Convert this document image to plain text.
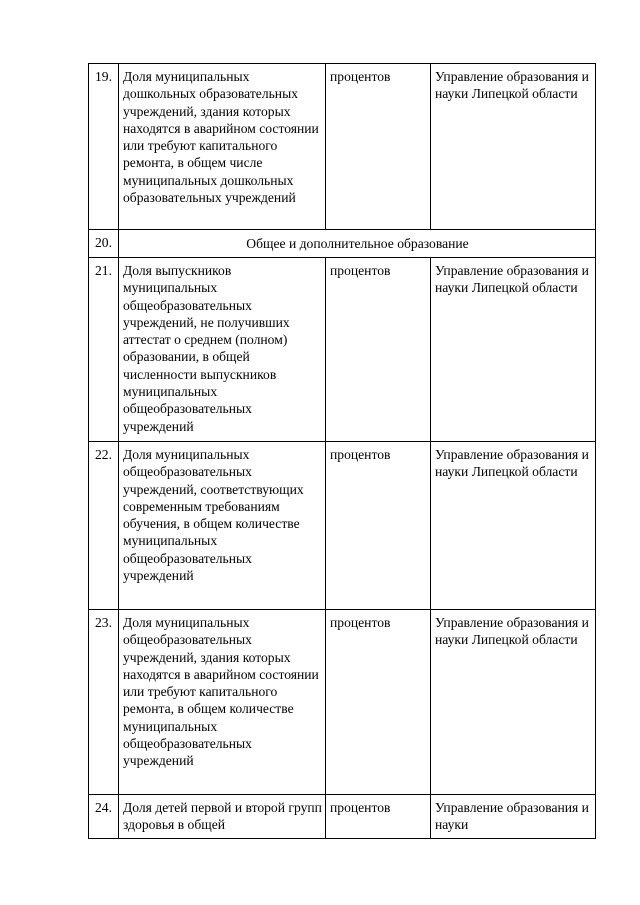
19.	Доля муниципальных дошкольных образовательных учреждений, здания которых находятся в аварийном состоянии или требуют капитального ремонта, в общем числе муниципальных дошкольных образовательных учреждений	процентов	Управление образования и науки Липецкой области
20.	Общее и дополнительное образование		
21.	Доля выпускников муниципальных общеобразовательных учреждений, не получивших аттестат о среднем (полном) образовании, в общей численности выпускников муниципальных общеобразовательных учреждений	процентов	Управление образования и науки Липецкой области
22.	Доля муниципальных общеобразовательных учреждений, соответствующих современным требованиям обучения, в общем количестве муниципальных общеобразовательных учреждений	процентов	Управление образования и науки Липецкой области
23.	Доля муниципальных общеобразовательных учреждений, здания которых находятся в аварийном состоянии или требуют капитального ремонта, в общем количестве муниципальных общеобразовательных учреждений	процентов	Управление образования и науки Липецкой области
24.	Доля детей первой и второй групп здоровья в общей	процентов	Управление образования и науки
